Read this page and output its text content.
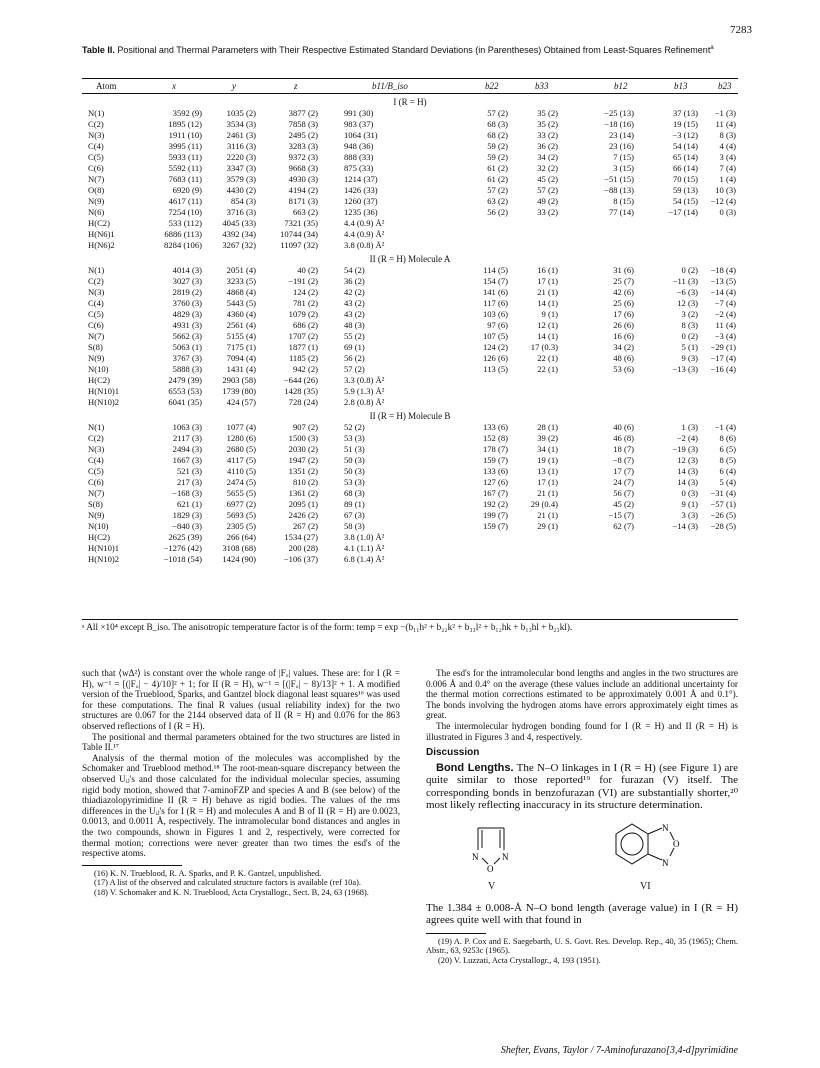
7283
Table II. Positional and Thermal Parameters with Their Respective Estimated Standard Deviations (in Parentheses) Obtained from Least-Squares Refinement$^a$
Atom	x	y	z	b11/B_iso	b22	b33	b12	b13	b23
I (R = H)
N(1)	3592 (9)	1035 (2)	3877 (2)	991 (30)	57 (2)	35 (2)	−25 (13)	37 (13)	−1 (3)
C(2)	1895 (12)	3534 (3)	7858 (3)	983 (37)	68 (3)	35 (2)	−18 (16)	19 (15)	11 (4)
N(3)	1911 (10)	2461 (3)	2495 (2)	1064 (31)	68 (2)	33 (2)	23 (14)	−3 (12)	8 (3)
C(4)	3995 (11)	3116 (3)	3283 (3)	948 (36)	59 (2)	36 (2)	23 (16)	54 (14)	4 (4)
C(5)	5933 (11)	2220 (3)	9372 (3)	888 (33)	59 (2)	34 (2)	7 (15)	65 (14)	3 (4)
C(6)	5592 (11)	3347 (3)	9668 (3)	875 (33)	61 (2)	32 (2)	3 (15)	66 (14)	7 (4)
N(7)	7683 (11)	3579 (3)	4930 (3)	1214 (37)	61 (2)	45 (2)	−51 (15)	70 (15)	1 (4)
O(8)	6920 (9)	4430 (2)	4194 (2)	1426 (33)	57 (2)	57 (2)	−88 (13)	59 (13)	10 (3)
N(9)	4617 (11)	854 (3)	8171 (3)	1260 (37)	63 (2)	49 (2)	8 (15)	54 (15)	−12 (4)
N(6)	7254 (10)	3716 (3)	663 (2)	1235 (36)	56 (2)	33 (2)	77 (14)	−17 (14)	0 (3)
H(C2)	533 (112)	4045 (33)	7321 (35)	4.4 (0.9) Å²
H(N6)1	6886 (113)	4392 (34)	10744 (34)	4.4 (0.9) Å²
H(N6)2	8284 (106)	3267 (32)	11097 (32)	3.8 (0.8) Å²
II (R = H) Molecule A
N(1)	4014 (3)	2051 (4)	40 (2)	54 (2)	114 (5)	16 (1)	31 (6)	0 (2)	−18 (4)
C(2)	3027 (3)	3233 (5)	−191 (2)	36 (2)	154 (7)	17 (1)	25 (7)	−11 (3)	−13 (5)
N(3)	2819 (2)	4868 (4)	124 (2)	42 (2)	141 (6)	21 (1)	42 (6)	−6 (3)	−14 (4)
C(4)	3760 (3)	5443 (5)	781 (2)	43 (2)	117 (6)	14 (1)	25 (6)	12 (3)	−7 (4)
C(5)	4829 (3)	4360 (4)	1079 (2)	43 (2)	103 (6)	9 (1)	17 (6)	3 (2)	−2 (4)
C(6)	4931 (3)	2561 (4)	686 (2)	48 (3)	97 (6)	12 (1)	26 (6)	8 (3)	11 (4)
N(7)	5662 (3)	5155 (4)	1707 (2)	55 (2)	107 (5)	14 (1)	16 (6)	0 (2)	−3 (4)
S(8)	5063 (1)	7175 (1)	1877 (1)	69 (1)	124 (2)	17 (0.3)	34 (2)	5 (1)	−29 (1)
N(9)	3767 (3)	7094 (4)	1185 (2)	56 (2)	126 (6)	22 (1)	48 (6)	9 (3)	−17 (4)
N(10)	5888 (3)	1431 (4)	942 (2)	57 (2)	113 (5)	22 (1)	53 (6)	−13 (3)	−16 (4)
H(C2)	2479 (39)	2903 (58)	−644 (26)	3.3 (0.8) Å²
H(N10)1	6553 (53)	1739 (80)	1428 (35)	5.9 (1.3) Å²
H(N10)2	6041 (35)	424 (57)	728 (24)	2.8 (0.8) Å²
II (R = H) Molecule B
N(1)	1063 (3)	1077 (4)	907 (2)	52 (2)	133 (6)	28 (1)	40 (6)	1 (3)	−1 (4)
C(2)	2117 (3)	1280 (6)	1500 (3)	53 (3)	152 (8)	39 (2)	46 (8)	−2 (4)	8 (6)
N(3)	2494 (3)	2680 (5)	2030 (2)	51 (3)	178 (7)	34 (1)	18 (7)	−19 (3)	6 (5)
C(4)	1667 (3)	4117 (5)	1947 (2)	50 (3)	159 (7)	19 (1)	−8 (7)	12 (3)	8 (5)
C(5)	521 (3)	4110 (5)	1351 (2)	50 (3)	133 (6)	13 (1)	17 (7)	14 (3)	6 (4)
C(6)	217 (3)	2474 (5)	810 (2)	53 (3)	127 (6)	17 (1)	24 (7)	14 (3)	5 (4)
N(7)	−168 (3)	5655 (5)	1361 (2)	68 (3)	167 (7)	21 (1)	56 (7)	0 (3)	−31 (4)
S(8)	621 (1)	6977 (2)	2095 (1)	89 (1)	192 (2)	29 (0.4)	45 (2)	9 (1)	−57 (1)
N(9)	1829 (3)	5693 (5)	2426 (2)	67 (3)	199 (7)	21 (1)	−15 (7)	3 (3)	−26 (5)
N(10)	−840 (3)	2305 (5)	267 (2)	58 (3)	159 (7)	29 (1)	62 (7)	−14 (3)	−28 (5)
H(C2)	2625 (39)	266 (64)	1534 (27)	3.8 (1.0) Å²
H(N10)1	−1276 (42)	3108 (68)	200 (28)	4.1 (1.1) Å²
H(N10)2	−1018 (54)	1424 (90)	−106 (37)	6.8 (1.4) Å²
ᵃ All ×10⁴ except B_iso. The anisotropic temperature factor is of the form: temp = exp −(b₁₁h² + b₂₂k² + b₃₃l² + b₁₂hk + b₁₃hl + b₂₃kl).

such that ⟨wΔ²⟩ is constant over the whole range of |Fₒ| values. These are: for I (R = H), w⁻¹ = [(|Fₒ| − 4)/10]² + 1; for II (R = H), w⁻¹ = [(|Fₒ| − 8)/13]² + 1. A modified version of the Trueblood, Sparks, and Gantzel block diagonal least squares¹⁶ was used for these computations. The final R values (usual reliability index) for the two structures are 0.067 for the 2144 observed data of II (R = H) and 0.076 for the 863 observed reflections of I (R = H).

The positional and thermal parameters obtained for the two structures are listed in Table II.¹⁷

Analysis of the thermal motion of the molecules was accomplished by the Schomaker and Trueblood method.¹⁸ The root-mean-square discrepancy between the observed Uᵢⱼ's and those calculated for the individual molecular species, assuming rigid body motion, showed that 7-aminoFZP and species A and B (see below) of the thiadiazolopyrimidine II (R = H) behave as rigid bodies. The values of the rms differences in the Uᵢⱼ's for I (R = H) and molecules A and B of II (R = H) are 0.0023, 0.0013, and 0.0011 Å, respectively. The intramolecular bond distances and angles in the two compounds, shown in Figures 1 and 2, respectively, were corrected for thermal motion; corrections were never greater than two times the esd's of the respective atoms.

(16) K. N. Trueblood, R. A. Sparks, and P. K. Gantzel, unpublished.
(17) A list of the observed and calculated structure factors is available (ref 10a).
(18) V. Schomaker and K. N. Trueblood, Acta Crystallogr., Sect. B, 24, 63 (1968).

The esd's for the intramolecular bond lengths and angles in the two structures are 0.006 Å and 0.4° on the average (these values include an additional uncertainty for the thermal motion corrections estimated to be approximately 0.001 Å and 0.1°). The bonds involving the hydrogen atoms have errors approximately eight times as great.

The intermolecular hydrogen bonding found for I (R = H) and II (R = H) is illustrated in Figures 3 and 4, respectively.

Discussion

Bond Lengths. The N–O linkages in I (R = H) (see Figure 1) are quite similar to those reported¹⁹ for furazan (V) itself. The corresponding bonds in benzofurazan (VI) are substantially shorter,²⁰ most likely reflecting inaccuracy in its structure determination.

N	N
O
V
N
O
N
VI

The 1.384 ± 0.008-Å N–O bond length (average value) in I (R = H) agrees quite well with that found in

(19) A. P. Cox and E. Saegebarth, U. S. Govt. Res. Develop. Rep., 40, 35 (1965); Chem. Abstr., 63, 9253c (1965).
(20) V. Luzzati, Acta Crystallogr., 4, 193 (1951).
Shefter, Evans, Taylor / 7-Aminofurazano[3,4-d]pyrimidine
